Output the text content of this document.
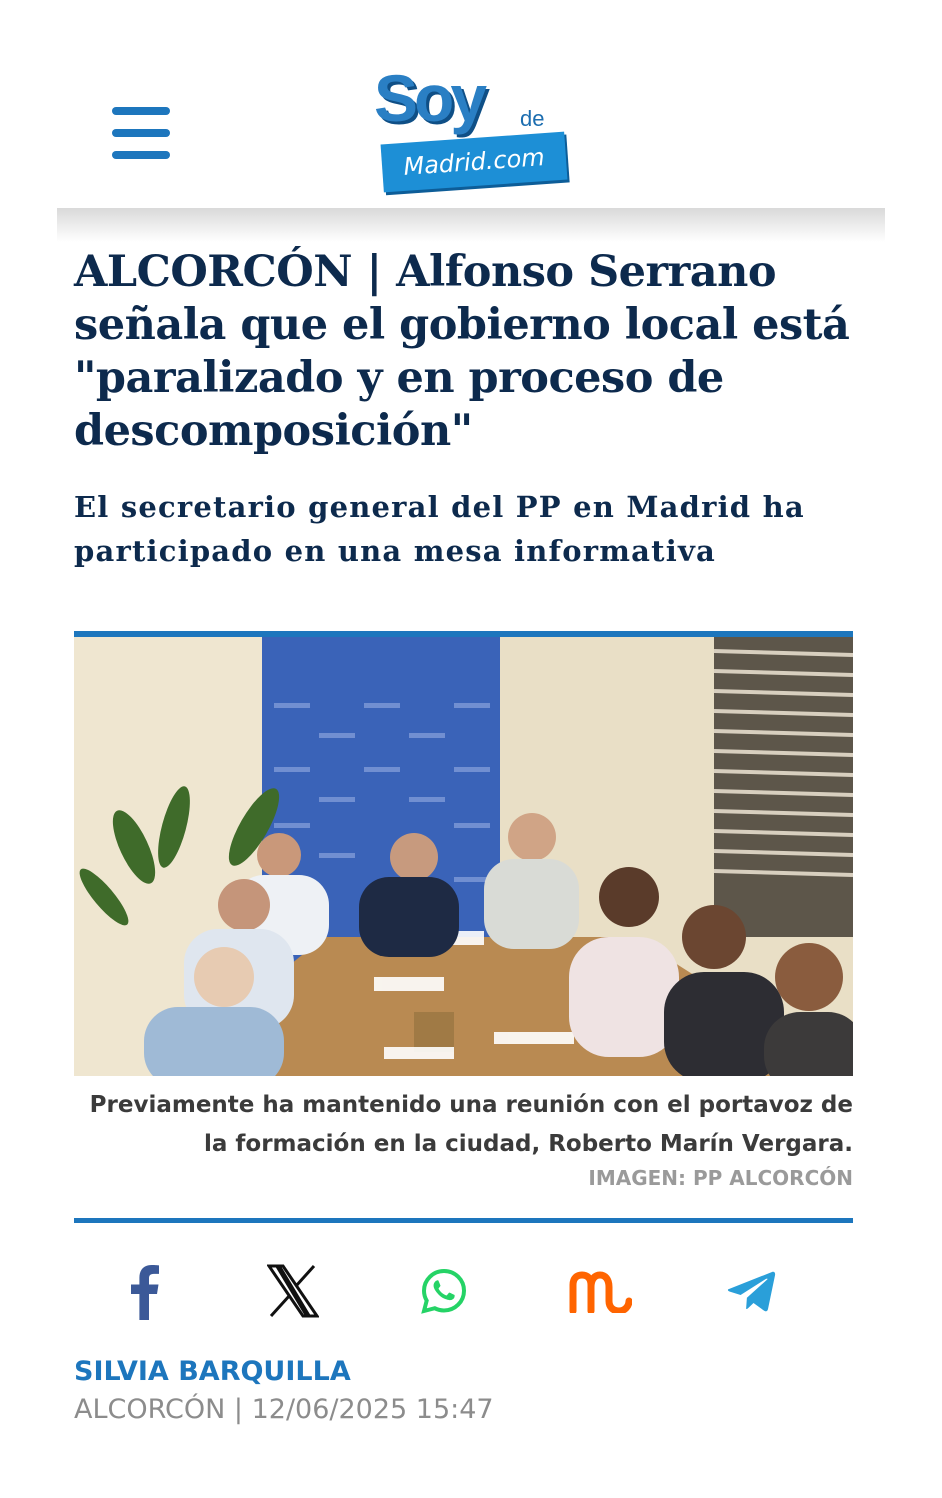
Soy de
Madrid.com
ALCORCÓN | Alfonso Serrano señala que el gobierno local está "paralizado y en proceso de descomposición"
El secretario general del PP en Madrid ha participado en una mesa informativa
Previamente ha mantenido una reunión con el portavoz de la formación en la ciudad, Roberto Marín Vergara.
IMAGEN: PP ALCORCÓN
SILVIA BARQUILLA
ALCORCÓN | 12/06/2025 15:47
